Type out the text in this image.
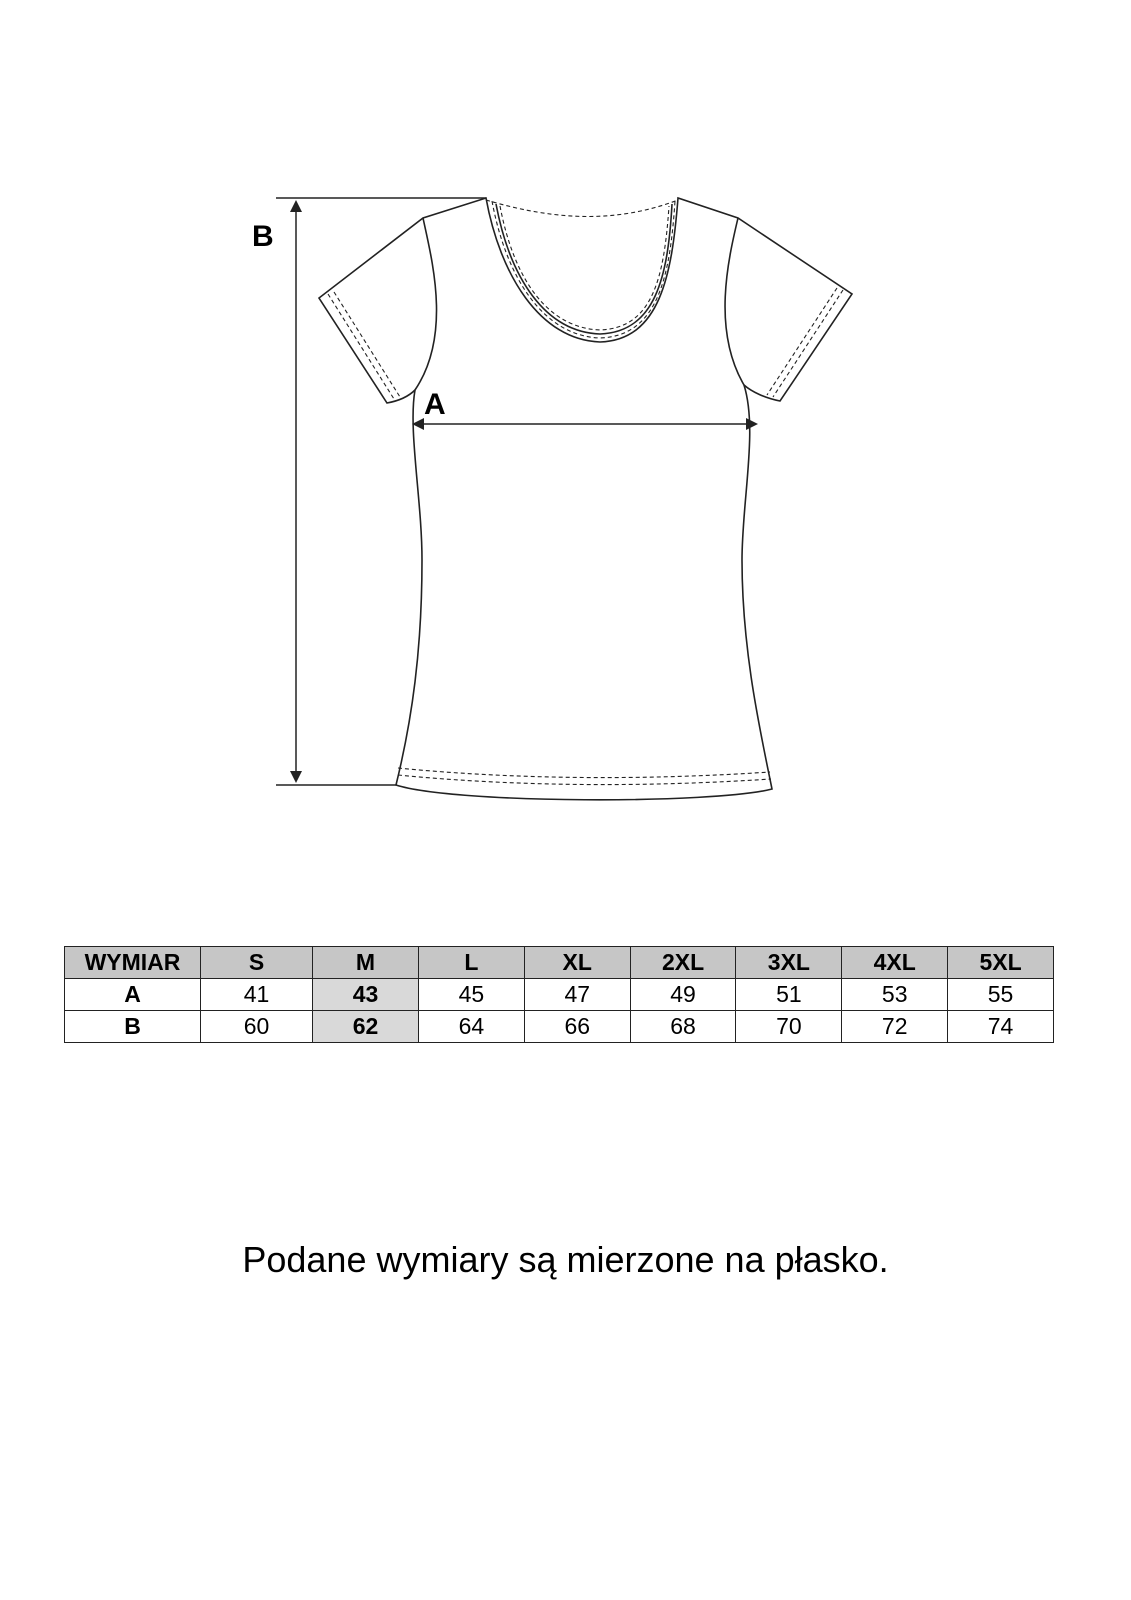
B
A
WYMIAR	S	M	L	XL	2XL	3XL	4XL	5XL
A	41	43	45	47	49	51	53	55
B	60	62	64	66	68	70	72	74
Podane wymiary są mierzone na płasko.
